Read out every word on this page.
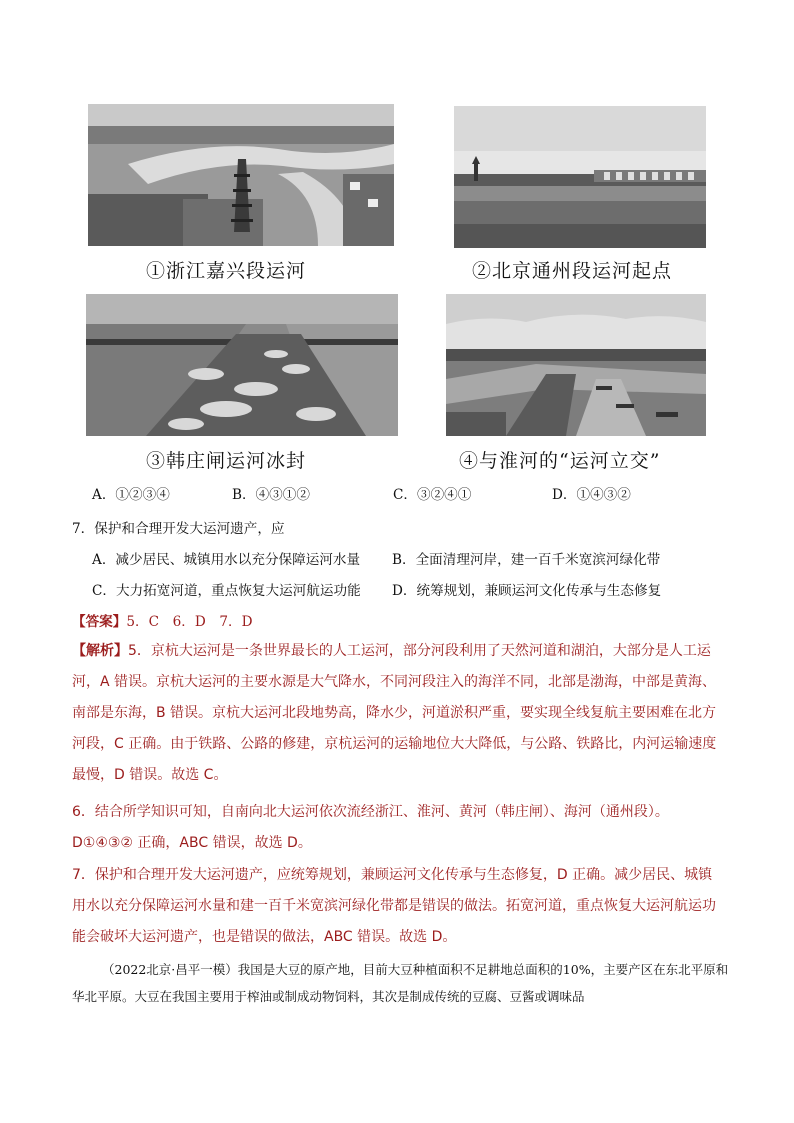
①浙江嘉兴段运河	②北京通州段运河起点
③韩庄闸运河冰封	④与淮河的“运河立交”
A．①②③④	B．④③①②	C．③②④①	D．①④③②
7．保护和合理开发大运河遗产，应
A．减少居民、城镇用水以充分保障运河水量 B．全面清理河岸，建一百千米宽滨河绿化带
C．大力拓宽河道，重点恢复大运河航运功能 D．统筹规划，兼顾运河文化传承与生态修复
【答案】5．C　6．D　7．D
【解析】5．京杭大运河是一条世界最长的人工运河，部分河段利用了天然河道和湖泊，大部分是人工运河，A 错误。京杭大运河的主要水源是大气降水，不同河段注入的海洋不同，北部是渤海，中部是黄海、南部是东海，B 错误。京杭大运河北段地势高，降水少，河道淤积严重，要实现全线复航主要困难在北方河段，C 正确。由于铁路、公路的修建，京杭运河的运输地位大大降低，与公路、铁路比，内河运输速度最慢，D 错误。故选 C。
6．结合所学知识可知，自南向北大运河依次流经浙江、淮河、黄河（韩庄闸）、海河（通州段）。D①④③② 正确，ABC 错误，故选 D。
7．保护和合理开发大运河遗产，应统筹规划，兼顾运河文化传承与生态修复，D 正确。减少居民、城镇用水以充分保障运河水量和建一百千米宽滨河绿化带都是错误的做法。拓宽河道，重点恢复大运河航运功能会破坏大运河遗产，也是错误的做法，ABC 错误。故选 D。
（2022北京·昌平一模）我国是大豆的原产地，目前大豆种植面积不足耕地总面积的10%，主要产区在东北平原和华北平原。大豆在我国主要用于榨油或制成动物饲料，其次是制成传统的豆腐、豆酱或调味品
